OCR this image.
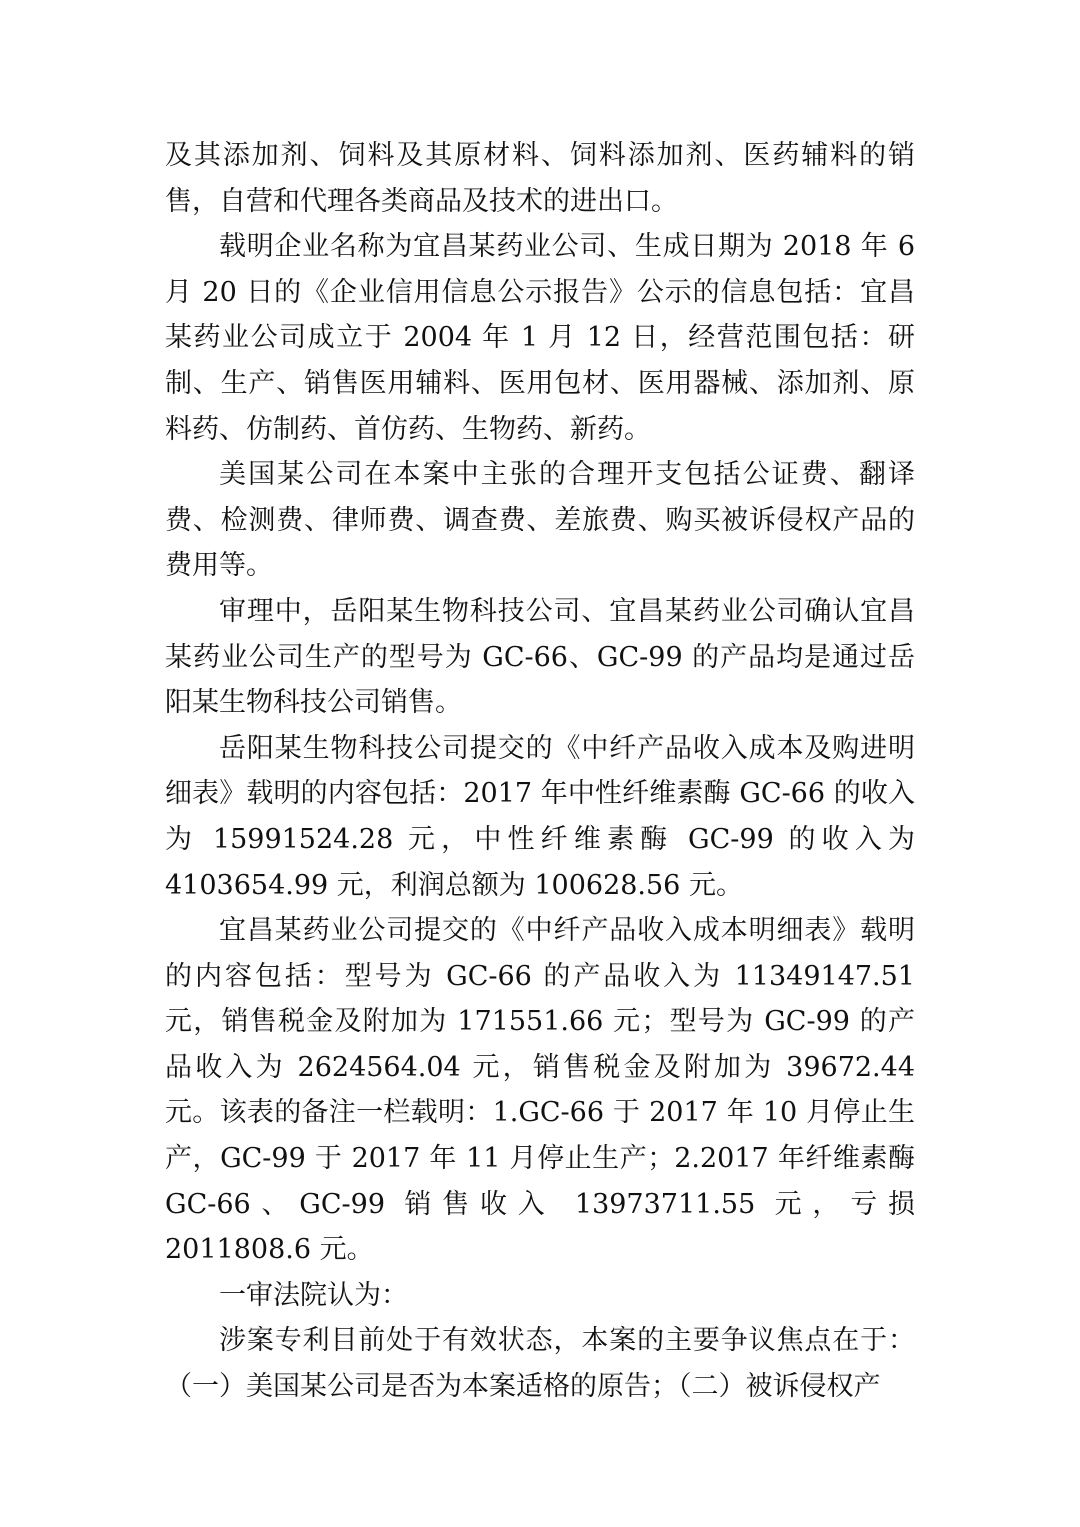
及其添加剂、饲料及其原材料、饲料添加剂、医药辅料的销售，自营和代理各类商品及技术的进出口。

载明企业名称为宜昌某药业公司、生成日期为 2018 年 6 月 20 日的《企业信用信息公示报告》公示的信息包括：宜昌某药业公司成立于 2004 年 1 月 12 日，经营范围包括：研制、生产、销售医用辅料、医用包材、医用器械、添加剂、原料药、仿制药、首仿药、生物药、新药。

美国某公司在本案中主张的合理开支包括公证费、翻译费、检测费、律师费、调查费、差旅费、购买被诉侵权产品的费用等。

审理中，岳阳某生物科技公司、宜昌某药业公司确认宜昌某药业公司生产的型号为 GC-66、GC-99 的产品均是通过岳阳某生物科技公司销售。

岳阳某生物科技公司提交的《中纤产品收入成本及购进明细表》载明的内容包括：2017 年中性纤维素酶 GC-66 的收入为 15991524.28 元，中性纤维素酶 GC-99 的收入为 4103654.99 元，利润总额为 100628.56 元。

宜昌某药业公司提交的《中纤产品收入成本明细表》载明的内容包括：型号为 GC-66 的产品收入为 11349147.51 元，销售税金及附加为 171551.66 元；型号为 GC-99 的产品收入为 2624564.04 元，销售税金及附加为 39672.44 元。该表的备注一栏载明：1.GC-66 于 2017 年 10 月停止生产，GC-99 于 2017 年 11 月停止生产；2.2017 年纤维素酶 GC-66、GC-99 销售收入 13973711.55 元，亏损 2011808.6 元。

一审法院认为：

涉案专利目前处于有效状态，本案的主要争议焦点在于：（一）美国某公司是否为本案适格的原告；（二）被诉侵权产
